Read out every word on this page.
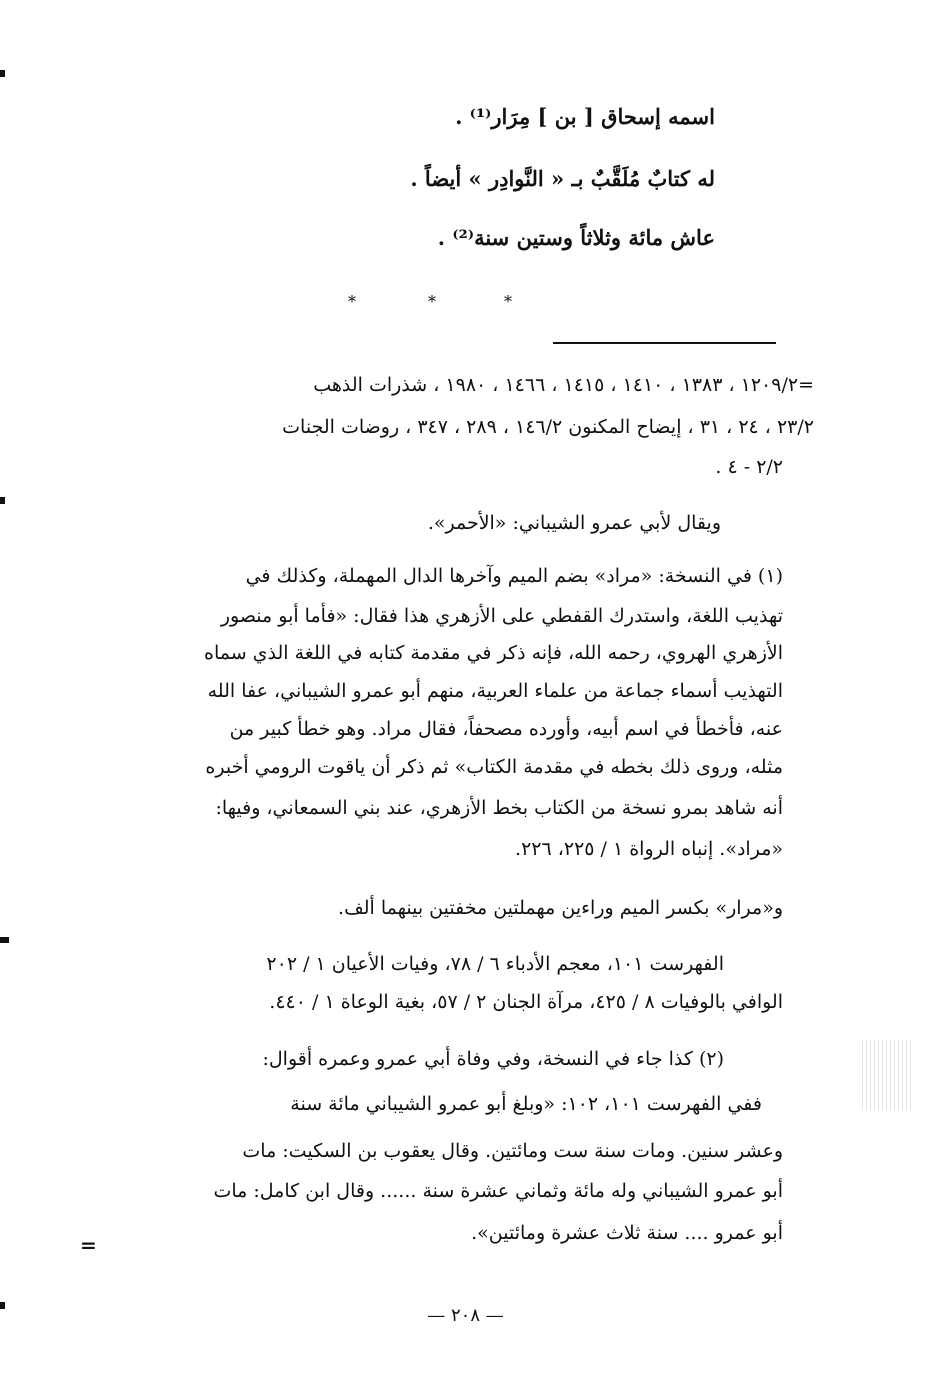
اسمه إسحاق [ بن ] مِرَار⁽¹⁾ .
له كتابٌ مُلَقَّبٌ بـ « النَّوادِر » أيضاً .
عاش مائة وثلاثاً وستين سنة⁽²⁾ .
*	*	*
=١٢٠٩/٢ ، ١٣٨٣ ، ١٤١٠ ، ١٤١٥ ، ١٤٦٦ ، ١٩٨٠ ، شذرات الذهب
٢٣/٢ ، ٢٤ ، ٣١ ، إيضاح المكنون ١٤٦/٢ ، ٢٨٩ ، ٣٤٧ ، روضات الجنات
٢/٢ - ٤ .
ويقال لأبي عمرو الشيباني: «الأحمر».
(١) في النسخة: «مراد» بضم الميم وآخرها الدال المهملة، وكذلك في
تهذيب اللغة، واستدرك القفطي على الأزهري هذا فقال: «فأما أبو منصور
الأزهري الهروي، رحمه الله، فإنه ذكر في مقدمة كتابه في اللغة الذي سماه
التهذيب أسماء جماعة من علماء العربية، منهم أبو عمرو الشيباني، عفا الله
عنه، فأخطأ في اسم أبيه، وأورده مصحفاً، فقال مراد. وهو خطأ كبير من
مثله، وروى ذلك بخطه في مقدمة الكتاب» ثم ذكر أن ياقوت الرومي أخبره
أنه شاهد بمرو نسخة من الكتاب بخط الأزهري، عند بني السمعاني، وفيها:
«مراد». إنباه الرواة ١ / ٢٢٥، ٢٢٦.
و«مرار» بكسر الميم وراءين مهملتين مخفتين بينهما ألف.
الفهرست ١٠١، معجم الأدباء ٦ / ٧٨، وفيات الأعيان ١ / ٢٠٢
الوافي بالوفيات ٨ / ٤٢٥، مرآة الجنان ٢ / ٥٧، بغية الوعاة ١ / ٤٤٠.
(٢) كذا جاء في النسخة، وفي وفاة أبي عمرو وعمره أقوال:
ففي الفهرست ١٠١، ١٠٢: «وبلغ أبو عمرو الشيباني مائة سنة
وعشر سنين. ومات سنة ست ومائتين. وقال يعقوب بن السكيت: مات
أبو عمرو الشيباني وله مائة وثماني عشرة سنة ...... وقال ابن كامل: مات
أبو عمرو .... سنة ثلاث عشرة ومائتين».
=
— ٢٠٨ —
